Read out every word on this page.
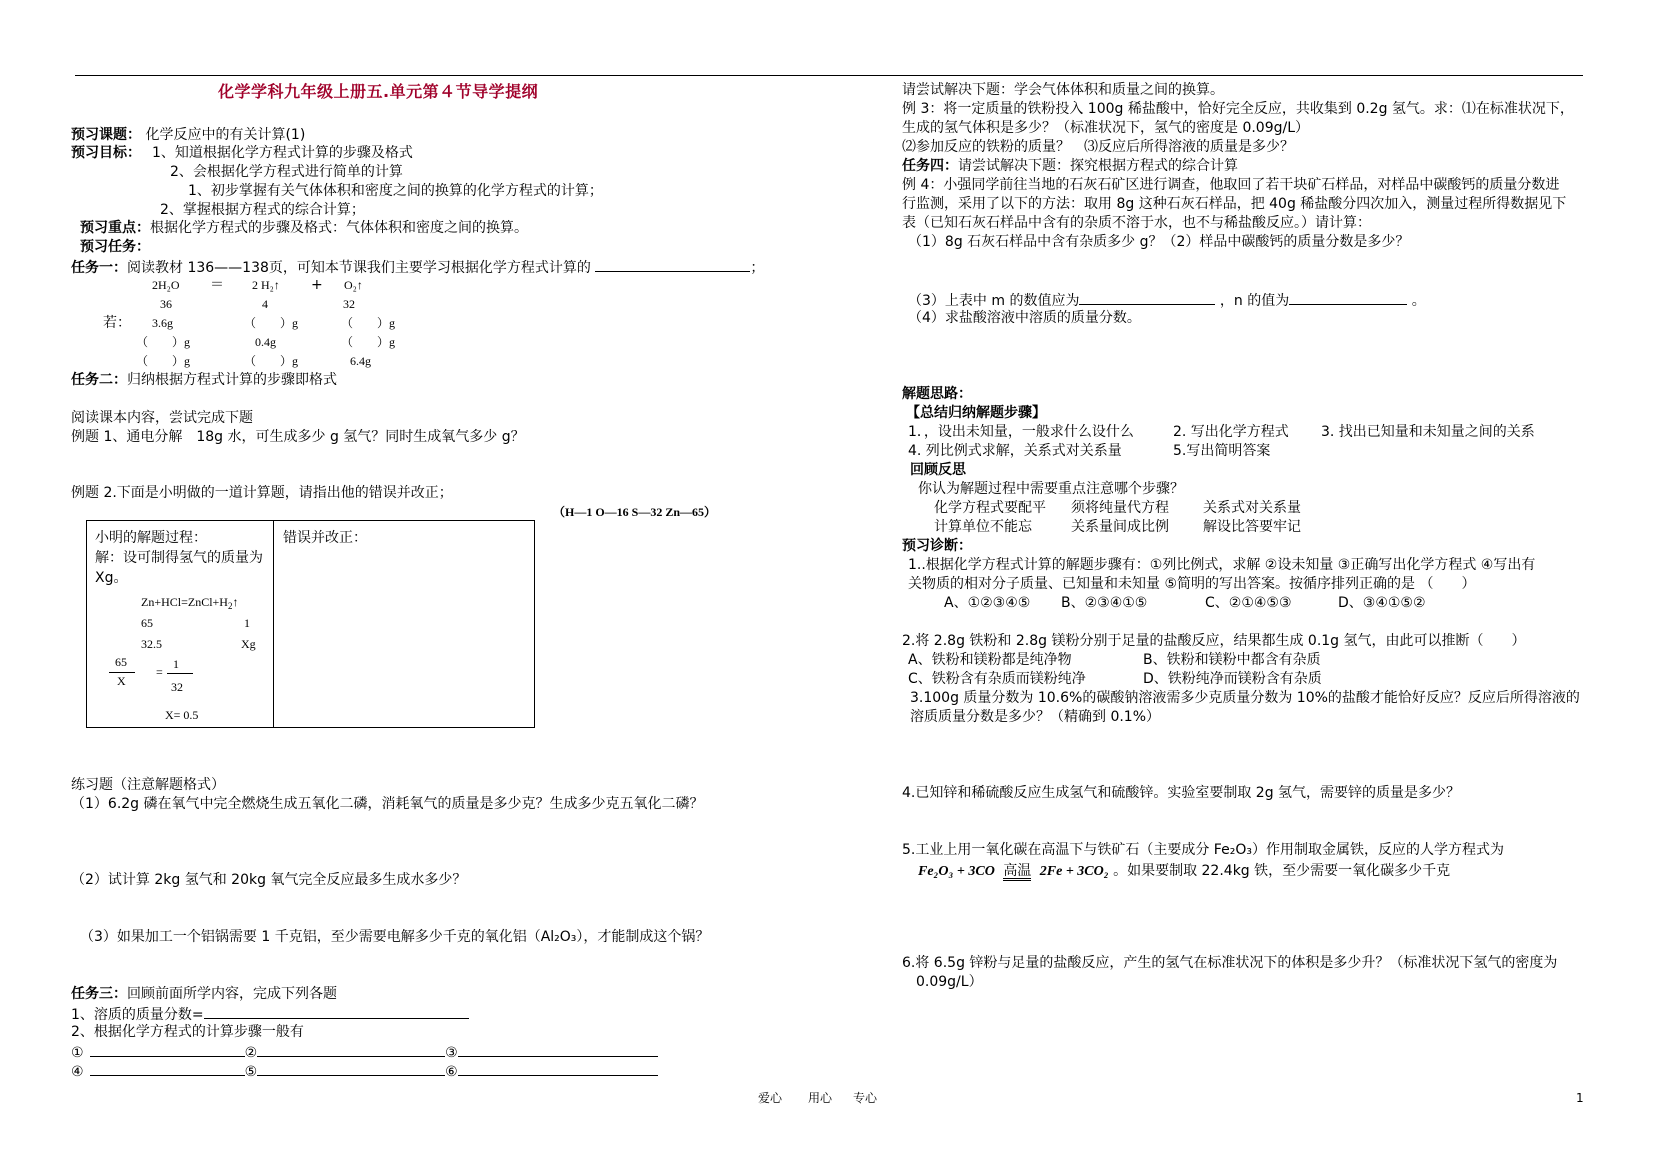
化学学科九年级上册五.单元第４节导学提纲
预习课题： 化学反应中的有关计算(1)
预习目标： 1、知道根据化学方程式计算的步骤及格式
2、会根据化学方程式进行简单的计算
1、初步掌握有关气体体积和密度之间的换算的化学方程式的计算；
2、掌握根据方程式的综合计算；
预习重点：根据化学方程式的步骤及格式：气体体积和密度之间的换算。
预习任务：
任务一：阅读教材 136——138页，可知本节课我们主要学习根据化学方程式计算的	；
2H₂O ＝ 2 H₂↑ + O₂↑
36	4	32
若： 3.6g	（　　）g	（　　）g
（　　）g	0.4g	（　　）g
（　　）g	（　　）g	6.4g
任务二：归纳根据方程式计算的步骤即格式
阅读课本内容，尝试完成下题
例题 1、通电分解　18g 水，可生成多少 g 氢气？同时生成氧气多少 g？
例题 2.下面是小明做的一道计算题，请指出他的错误并改正；
（H—1 O—16 S—32 Zn—65）
小明的解题过程：
解：设可制得氢气的质量为
Xg。
$Zn+HCl=ZnCl+H_2↑$
65	1
32.5	Xg
65
X
=
1
32
X= 0.5
错误并改正：
练习题（注意解题格式）
（1）6.2g 磷在氧气中完全燃烧生成五氧化二磷，消耗氧气的质量是多少克？生成多少克五氧化二磷？
（2）试计算 2kg 氢气和 20kg 氧气完全反应最多生成水多少？
（3）如果加工一个铝锅需要 1 千克铝，至少需要电解多少千克的氧化铝（Al₂O₃），才能制成这个锅？
任务三：回顾前面所学内容，完成下列各题
1、溶质的质量分数=
2、根据化学方程式的计算步骤一般有
①	②	③
④	⑤	⑥
请尝试解决下题：学会气体体积和质量之间的换算。
例 3：将一定质量的铁粉投入 100g 稀盐酸中，恰好完全反应，共收集到 0.2g 氢气。求：⑴在标准状况下，
生成的氢气体积是多少？（标准状况下，氢气的密度是 0.09g/L）
⑵参加反应的铁粉的质量？　⑶反应后所得溶液的质量是多少？
任务四：请尝试解决下题：探究根据方程式的综合计算
例 4：小强同学前往当地的石灰石矿区进行调查，他取回了若干块矿石样品，对样品中碳酸钙的质量分数进
行监测，采用了以下的方法：取用 8g 这种石灰石样品，把 40g 稀盐酸分四次加入，测量过程所得数据见下
表（已知石灰石样品中含有的杂质不溶于水，也不与稀盐酸反应。）请计算：
（1）8g 石灰石样品中含有杂质多少 g？（2）样品中碳酸钙的质量分数是多少？
（3）上表中 m 的数值应为	，n 的值为	。
（4）求盐酸溶液中溶质的质量分数。
解题思路：
【总结归纳解题步骤】
1．，设出未知量，一般求什么设什么	2. 写出化学方程式 3. 找出已知量和未知量之间的关系
4. 列比例式求解，关系式对关系量	5.写出简明答案
回顾反思
你认为解题过程中需要重点注意哪个步骤？
化学方程式要配平 须将纯量代方程 关系式对关系量
计算单位不能忘	关系量间成比例 解设比答要牢记
预习诊断：
1..根据化学方程式计算的解题步骤有：①列比例式，求解 ②设未知量 ③正确写出化学方程式 ④写出有
关物质的相对分子质量、已知量和未知量 ⑤简明的写出答案。按循序排列正确的是 （　　）
A、①②③④⑤ B、②③④①⑤	C、②①④⑤③	D、③④①⑤②
2.将 2.8g 铁粉和 2.8g 镁粉分别于足量的盐酸反应，结果都生成 0.1g 氢气，由此可以推断（　　）
A、铁粉和镁粉都是纯净物	B、铁粉和镁粉中都含有杂质
C、铁粉含有杂质而镁粉纯净	D、铁粉纯净而镁粉含有杂质
3.100g 质量分数为 10.6%的碳酸钠溶液需多少克质量分数为 10%的盐酸才能恰好反应？反应后所得溶液的
溶质质量分数是多少？（精确到 0.1%）
4.已知锌和稀硫酸反应生成氢气和硫酸锌。实验室要制取 2g 氢气，需要锌的质量是多少？
5.工业上用一氧化碳在高温下与铁矿石（主要成分 Fe₂O₃）作用制取金属铁，反应的人学方程式为
Fe₂O₃ + 3CO 高温 2Fe + 3CO₂ 。如果要制取 22.4kg 铁，至少需要一氧化碳多少千克
6.将 6.5g 锌粉与足量的盐酸反应，产生的氢气在标准状况下的体积是多少升？（标准状况下氢气的密度为
0.09g/L）
爱心 用心 专心	1
